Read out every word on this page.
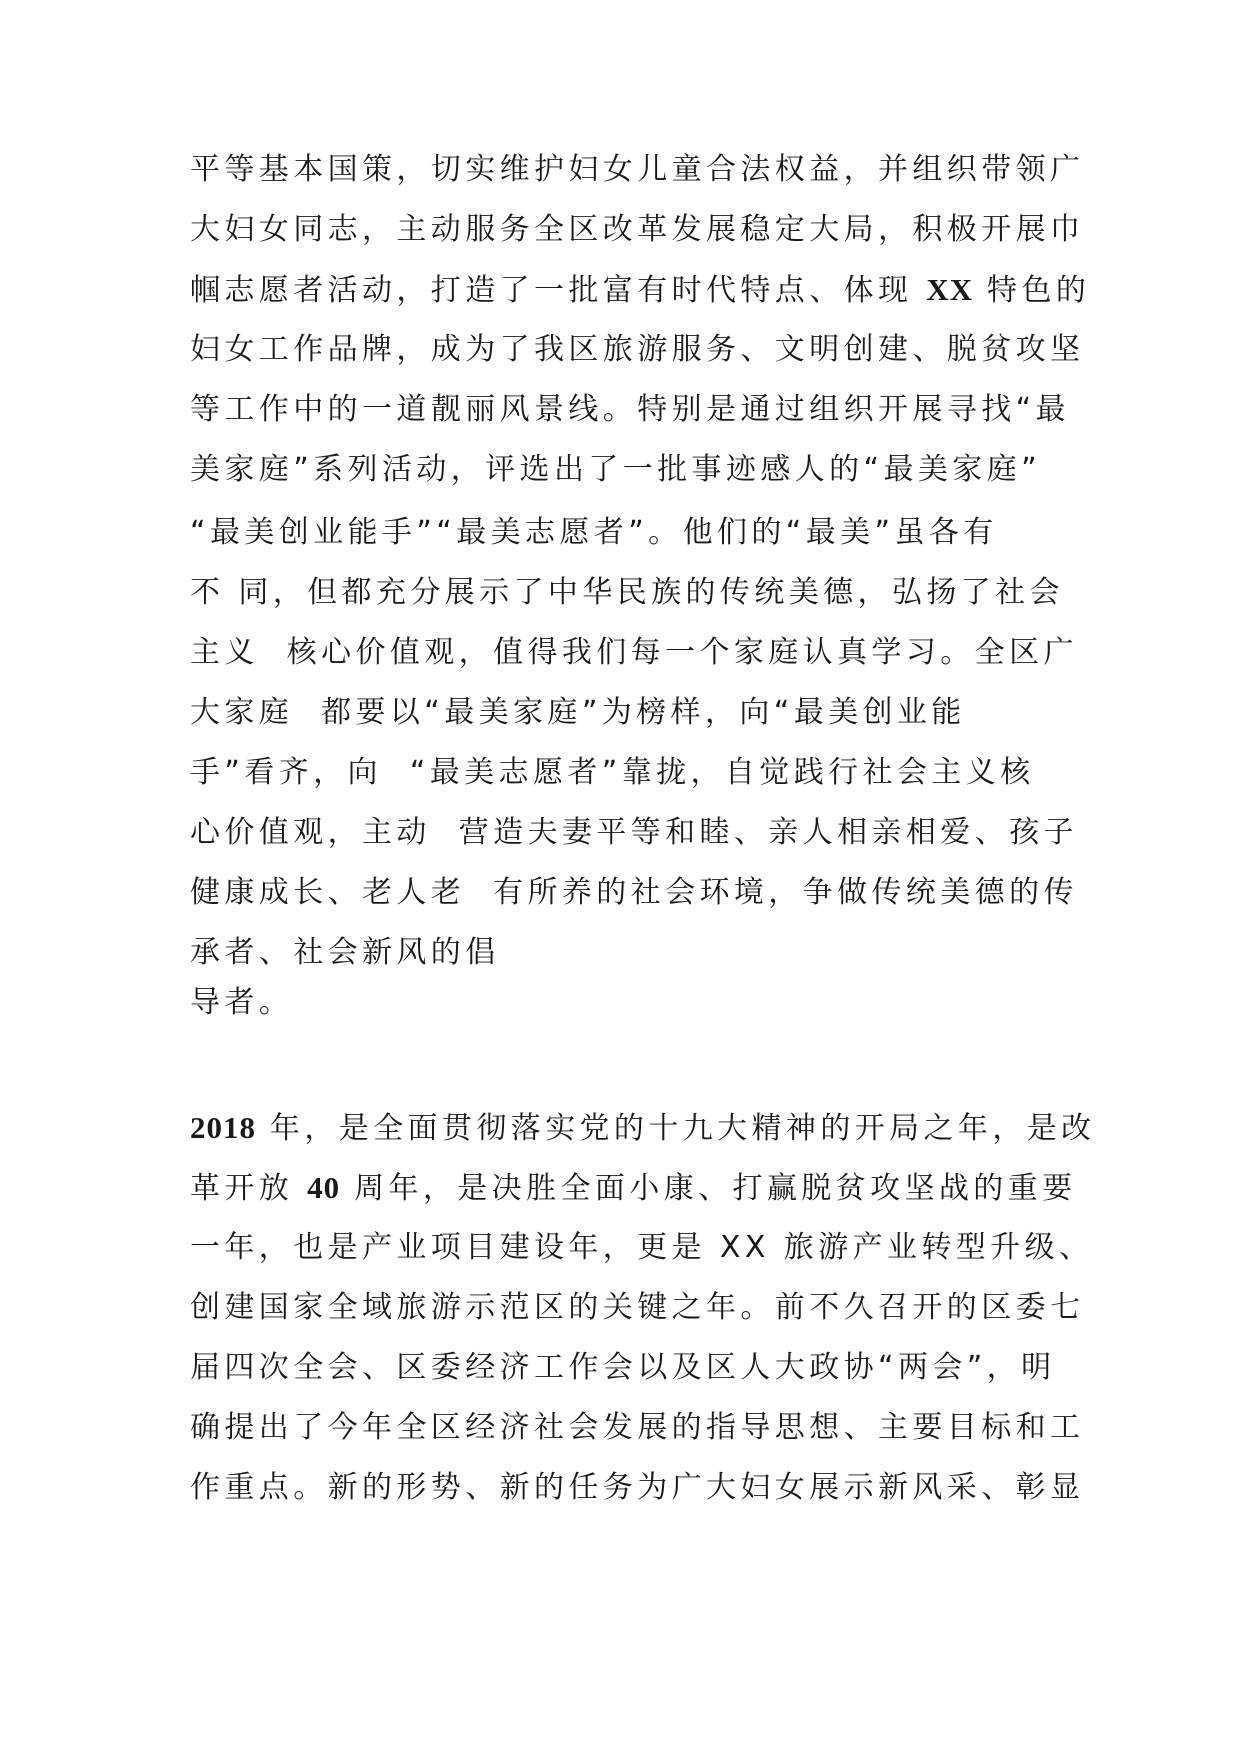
平等基本国策，切实维护妇女儿童合法权益，并组织带领广
大妇女同志，主动服务全区改革发展稳定大局，积极开展巾
帼志愿者活动，打造了一批富有时代特点、体现 XX 特色的
妇女工作品牌，成为了我区旅游服务、文明创建、脱贫攻坚
等工作中的一道靓丽风景线。特别是通过组织开展寻找“最
美家庭”系列活动，评选出了一批事迹感人的“最美家庭”
“最美创业能手”“最美志愿者”。他们的“最美”虽各有
不 同，但都充分展示了中华民族的传统美德，弘扬了社会
主义  核心价值观，值得我们每一个家庭认真学习。全区广
大家庭  都要以“最美家庭”为榜样，向“最美创业能
手”看齐，向  “最美志愿者”靠拢，自觉践行社会主义核
心价值观，主动  营造夫妻平等和睦、亲人相亲相爱、孩子
健康成长、老人老  有所养的社会环境，争做传统美德的传
承者、社会新风的倡
导者。
2018 年，是全面贯彻落实党的十九大精神的开局之年，是改
革开放 40 周年，是决胜全面小康、打赢脱贫攻坚战的重要
一年，也是产业项目建设年，更是 XX 旅游产业转型升级、
创建国家全域旅游示范区的关键之年。前不久召开的区委七
届四次全会、区委经济工作会以及区人大政协“两会”，明
确提出了今年全区经济社会发展的指导思想、主要目标和工
作重点。新的形势、新的任务为广大妇女展示新风采、彰显
